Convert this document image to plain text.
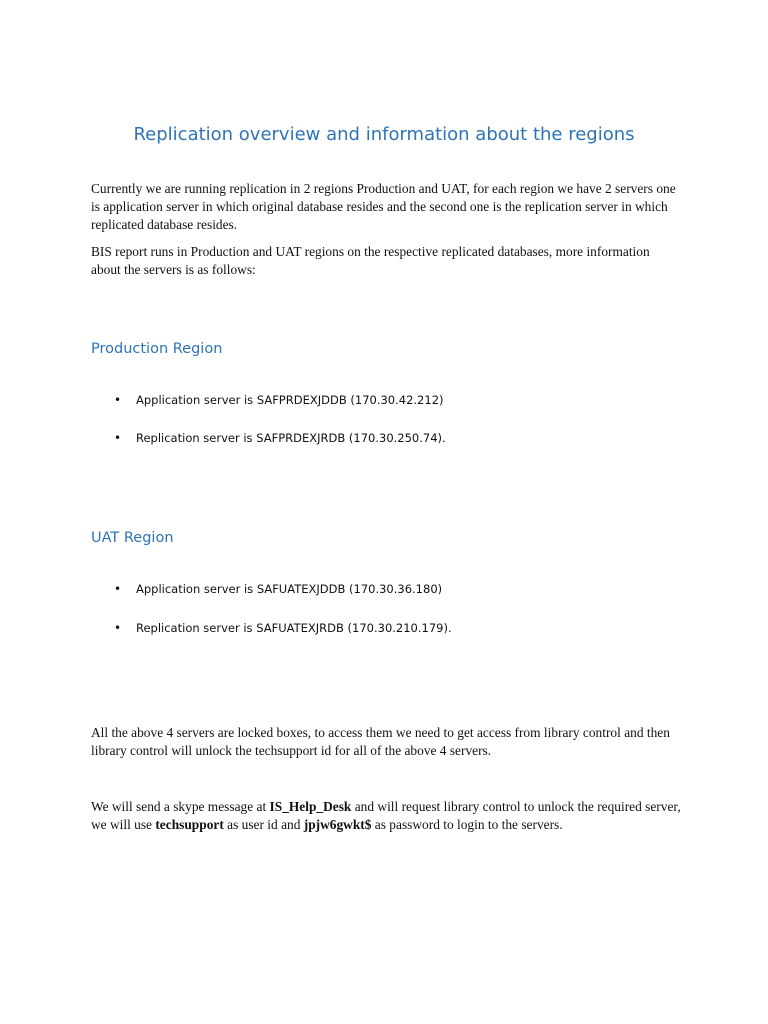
Replication overview and information about the regions

Currently we are running replication in 2 regions Production and UAT, for each region we have 2 servers one is application server in which original database resides and the second one is the replication server in which replicated database resides.

BIS report runs in Production and UAT regions on the respective replicated databases, more information about the servers is as follows:

Production Region
• Application server is SAFPRDEXJDDB (170.30.42.212)
• Replication server is SAFPRDEXJRDB (170.30.250.74).
UAT Region
• Application server is SAFUATEXJDDB (170.30.36.180)
• Replication server is SAFUATEXJRDB (170.30.210.179).

All the above 4 servers are locked boxes, to access them we need to get access from library control and then library control will unlock the techsupport id for all of the above 4 servers.

We will send a skype message at IS_Help_Desk and will request library control to unlock the required server, we will use techsupport as user id and jpjw6gwkt$ as password to login to the servers.
